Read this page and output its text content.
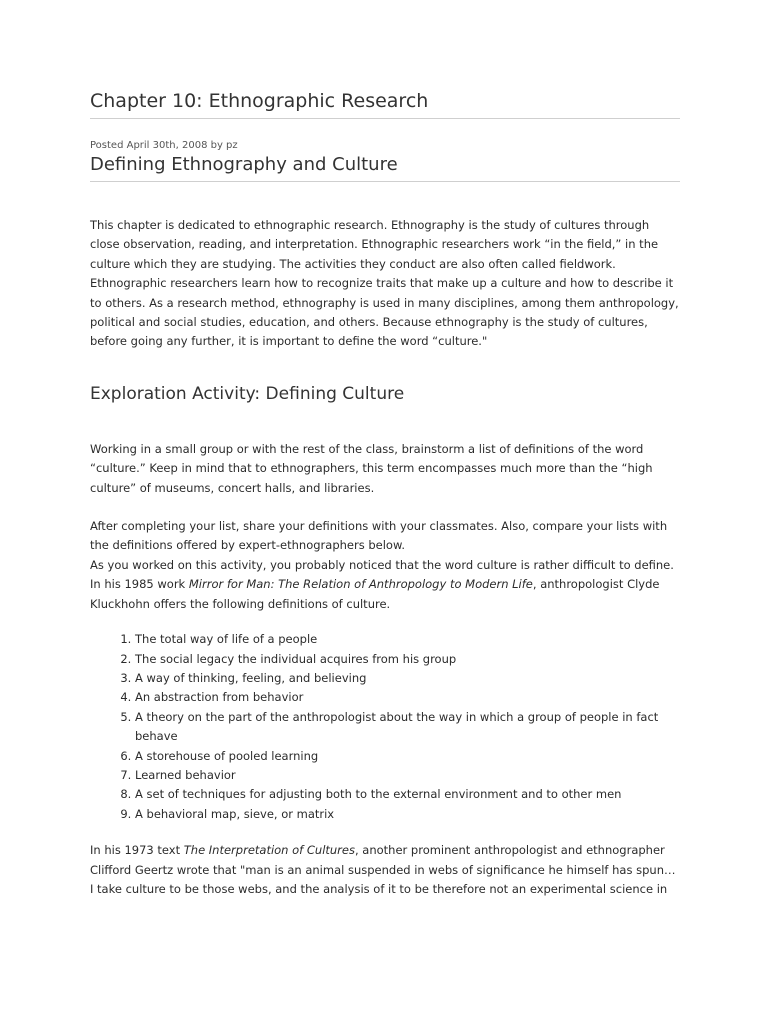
Chapter 10: Ethnographic Research
Posted April 30th, 2008 by pz
Defining Ethnography and Culture

This chapter is dedicated to ethnographic research. Ethnography is the study of cultures through close observation, reading, and interpretation. Ethnographic researchers work “in the field,” in the culture which they are studying. The activities they conduct are also often called fieldwork. Ethnographic researchers learn how to recognize traits that make up a culture and how to describe it to others. As a research method, ethnography is used in many disciplines, among them anthropology, political and social studies, education, and others. Because ethnography is the study of cultures, before going any further, it is important to define the word “culture."

Exploration Activity: Defining Culture

Working in a small group or with the rest of the class, brainstorm a list of definitions of the word “culture.” Keep in mind that to ethnographers, this term encompasses much more than the “high culture” of museums, concert halls, and libraries.

After completing your list, share your definitions with your classmates. Also, compare your lists with the definitions offered by expert-ethnographers below.
As you worked on this activity, you probably noticed that the word culture is rather difficult to define.
In his 1985 work Mirror for Man: The Relation of Anthropology to Modern Life, anthropologist Clyde Kluckhohn offers the following definitions of culture.

1. The total way of life of a people
2. The social legacy the individual acquires from his group
3. A way of thinking, feeling, and believing
4. An abstraction from behavior
5. A theory on the part of the anthropologist about the way in which a group of people in fact behave
6. A storehouse of pooled learning
7. Learned behavior
8. A set of techniques for adjusting both to the external environment and to other men
9. A behavioral map, sieve, or matrix

In his 1973 text The Interpretation of Cultures, another prominent anthropologist and ethnographer Clifford Geertz wrote that "man is an animal suspended in webs of significance he himself has spun… I take culture to be those webs, and the analysis of it to be therefore not an experimental science in
